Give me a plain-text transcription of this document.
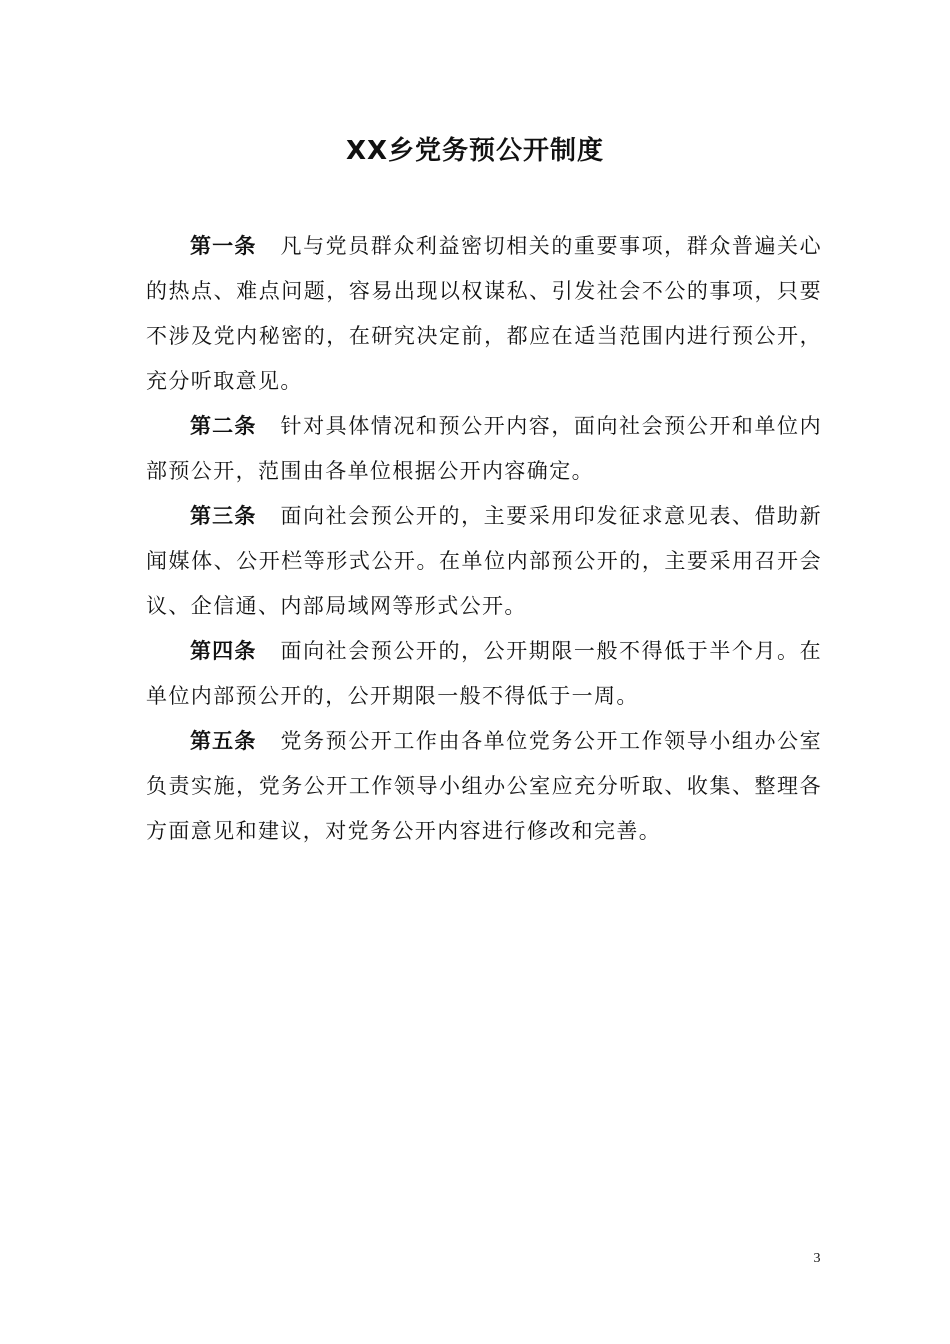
XX乡党务预公开制度

第一条 凡与党员群众利益密切相关的重要事项，群众普遍关心的热点、难点问题，容易出现以权谋私、引发社会不公的事项，只要不涉及党内秘密的，在研究决定前，都应在适当范围内进行预公开，充分听取意见。

第二条 针对具体情况和预公开内容，面向社会预公开和单位内部预公开，范围由各单位根据公开内容确定。

第三条 面向社会预公开的，主要采用印发征求意见表、借助新闻媒体、公开栏等形式公开。在单位内部预公开的，主要采用召开会议、企信通、内部局域网等形式公开。

第四条 面向社会预公开的，公开期限一般不得低于半个月。在单位内部预公开的，公开期限一般不得低于一周。

第五条 党务预公开工作由各单位党务公开工作领导小组办公室负责实施，党务公开工作领导小组办公室应充分听取、收集、整理各方面意见和建议，对党务公开内容进行修改和完善。

3
